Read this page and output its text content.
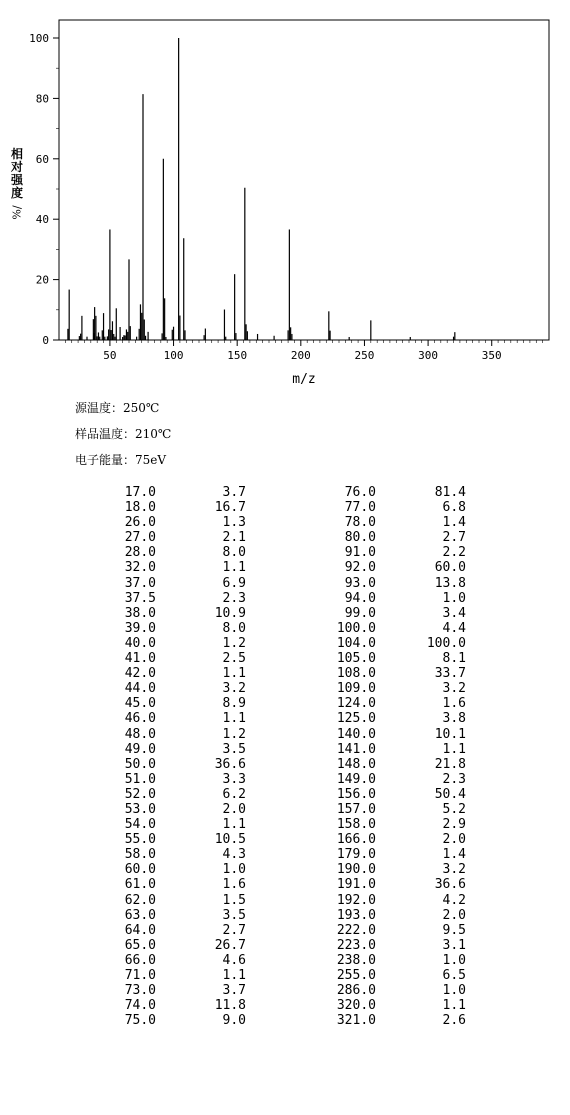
50	100	150	200	250	300	350
0
20
40
60
80
100
m/z
相对强度
%/
源温度：250℃
样品温度：210℃
电子能量：75eV
17.0	3.7	76.0	81.4
18.0	16.7	77.0	6.8
26.0	1.3	78.0	1.4
27.0	2.1	80.0	2.7
28.0	8.0	91.0	2.2
32.0	1.1	92.0	60.0
37.0	6.9	93.0	13.8
37.5	2.3	94.0	1.0
38.0	10.9	99.0	3.4
39.0	8.0	100.0	4.4
40.0	1.2	104.0	100.0
41.0	2.5	105.0	8.1
42.0	1.1	108.0	33.7
44.0	3.2	109.0	3.2
45.0	8.9	124.0	1.6
46.0	1.1	125.0	3.8
48.0	1.2	140.0	10.1
49.0	3.5	141.0	1.1
50.0	36.6	148.0	21.8
51.0	3.3	149.0	2.3
52.0	6.2	156.0	50.4
53.0	2.0	157.0	5.2
54.0	1.1	158.0	2.9
55.0	10.5	166.0	2.0
58.0	4.3	179.0	1.4
60.0	1.0	190.0	3.2
61.0	1.6	191.0	36.6
62.0	1.5	192.0	4.2
63.0	3.5	193.0	2.0
64.0	2.7	222.0	9.5
65.0	26.7	223.0	3.1
66.0	4.6	238.0	1.0
71.0	1.1	255.0	6.5
73.0	3.7	286.0	1.0
74.0	11.8	320.0	1.1
75.0	9.0	321.0	2.6
